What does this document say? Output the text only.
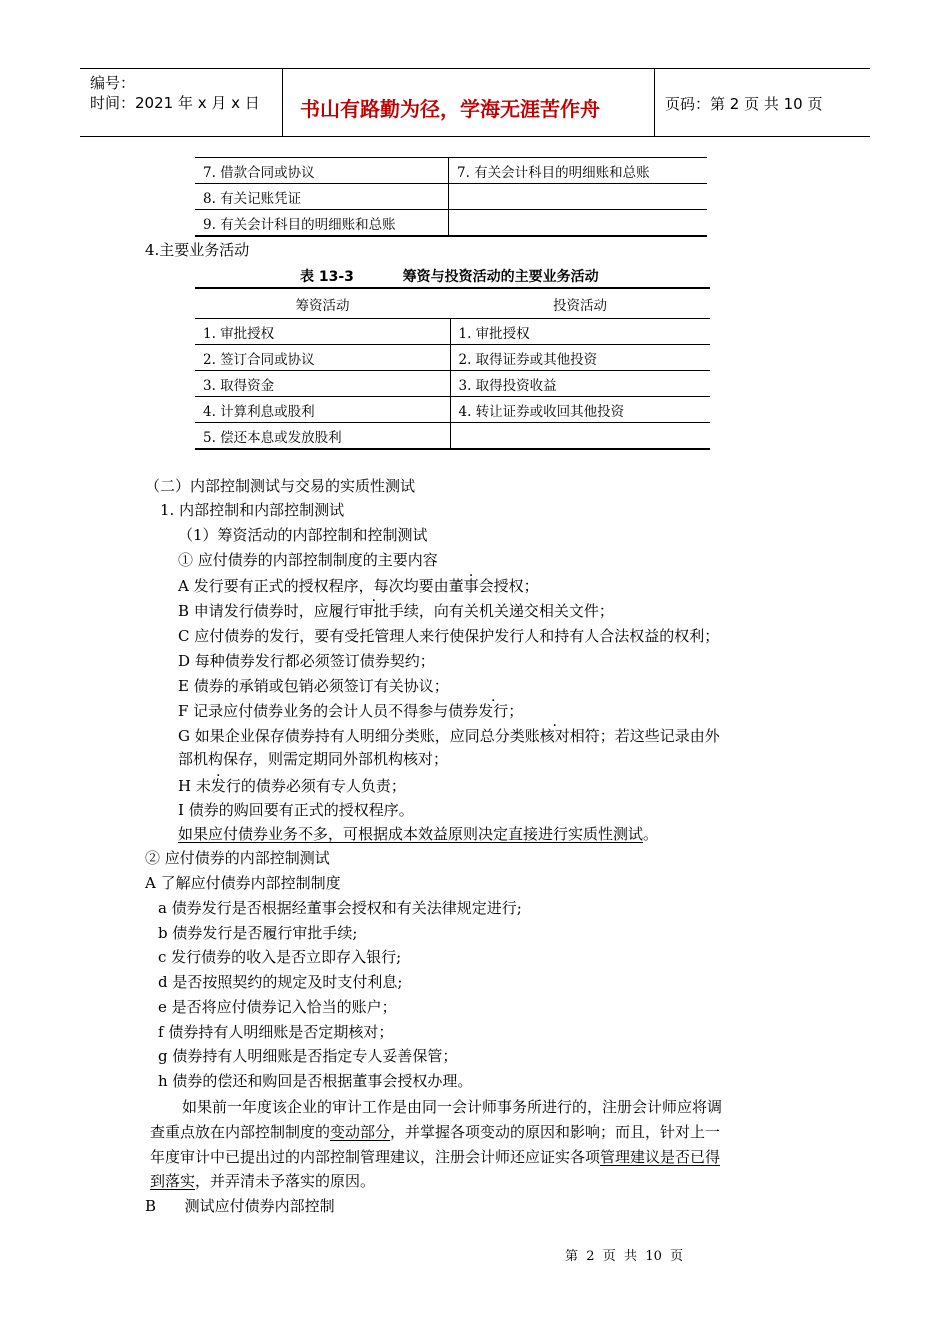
编号：
时间：2021 年 x 月 x 日 书山有路勤为径，学海无涯苦作舟	页码：第 2 页 共 10 页
7. 借款合同或协议	7. 有关会计科目的明细账和总账
8. 有关记账凭证	
9. 有关会计科目的明细账和总账	
4.主要业务活动
表 13-3          筹资与投资活动的主要业务活动
筹资活动	投资活动
1. 审批授权	1. 审批授权
2. 签订合同或协议	2. 取得证券或其他投资
3. 取得资金	3. 取得投资收益
4. 计算利息或股利	4. 转让证券或收回其他投资
5. 偿还本息或发放股利	
（二）内部控制测试与交易的实质性测试
1. 内部控制和内部控制测试
（1）筹资活动的内部控制和控制测试
① 应付债券的内部控制制度的主要内容
A 发行要有正式的授权程序，每次均要由董事会授权；
B 申请发行债券时，应履行审批手续，向有关机关递交相关文件；
C 应付债券的发行，要有受托管理人来行使保护发行人和持有人合法权益的权利；
D 每种债券发行都必须签订债券契约；
E 债券的承销或包销必须签订有关协议；
F 记录应付债券业务的会计人员不得参与债券发行；
G 如果企业保存债券持有人明细分类账，应同总分类账核对相符；若这些记录由外
部机构保存，则需定期同外部机构核对；
H 未发行的债券必须有专人负责；
I 债券的购回要有正式的授权程序。
如果应付债券业务不多，可根据成本效益原则决定直接进行实质性测试。
② 应付债券的内部控制测试
A 了解应付债券内部控制制度
a 债券发行是否根据经董事会授权和有关法律规定进行;
b 债券发行是否履行审批手续;
c 发行债券的收入是否立即存入银行;
d 是否按照契约的规定及时支付利息;
e 是否将应付债券记入恰当的账户；
f 债券持有人明细账是否定期核对；
g 债券持有人明细账是否指定专人妥善保管；
h 债券的偿还和购回是否根据董事会授权办理。
如果前一年度该企业的审计工作是由同一会计师事务所进行的，注册会计师应将调
查重点放在内部控制制度的变动部分，并掌握各项变动的原因和影响；而且，针对上一
年度审计中已提出过的内部控制管理建议，注册会计师还应证实各项管理建议是否已得
到落实，并弄清未予落实的原因。
B      测试应付债券内部控制
第  2  页  共  10  页
